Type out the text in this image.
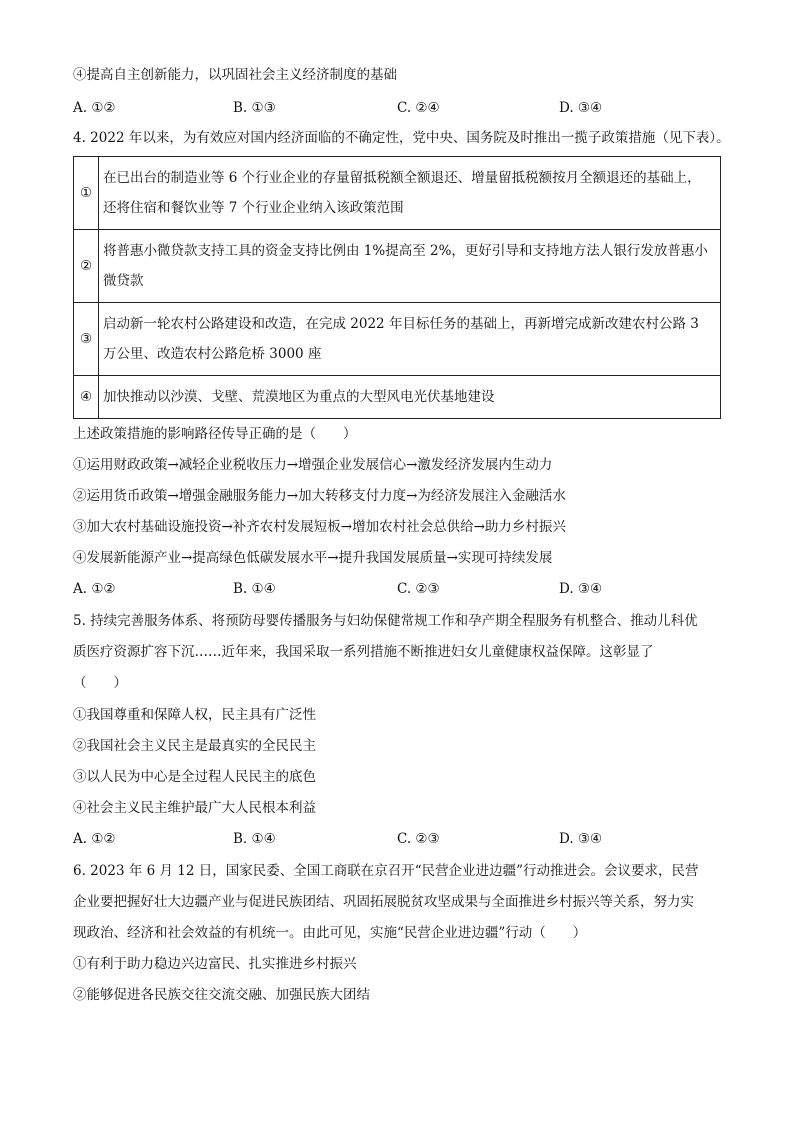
④提高自主创新能力，以巩固社会主义经济制度的基础
A. ①②	B. ①③	C. ②④	D. ③④
4. 2022 年以来，为有效应对国内经济面临的不确定性，党中央、国务院及时推出一揽子政策措施（见下表）。
①	在已出台的制造业等 6 个行业企业的存量留抵税额全额退还、增量留抵税额按月全额退还的基础上，还将住宿和餐饮业等 7 个行业企业纳入该政策范围
②	将普惠小微贷款支持工具的资金支持比例由 1%提高至 2%，更好引导和支持地方法人银行发放普惠小微贷款
③	启动新一轮农村公路建设和改造，在完成 2022 年目标任务的基础上，再新增完成新改建农村公路 3 万公里、改造农村公路危桥 3000 座
④	加快推动以沙漠、戈壁、荒漠地区为重点的大型风电光伏基地建设
上述政策措施的影响路径传导正确的是（　　）
①运用财政政策→减轻企业税收压力→增强企业发展信心→激发经济发展内生动力
②运用货币政策→增强金融服务能力→加大转移支付力度→为经济发展注入金融活水
③加大农村基础设施投资→补齐农村发展短板→增加农村社会总供给→助力乡村振兴
④发展新能源产业→提高绿色低碳发展水平→提升我国发展质量→实现可持续发展
A. ①②	B. ①④	C. ②③	D. ③④
5. 持续完善服务体系、将预防母婴传播服务与妇幼保健常规工作和孕产期全程服务有机整合、推动儿科优
质医疗资源扩容下沉……近年来，我国采取一系列措施不断推进妇女儿童健康权益保障。这彰显了
（　　）
①我国尊重和保障人权，民主具有广泛性
②我国社会主义民主是最真实的全民民主
③以人民为中心是全过程人民民主的底色
④社会主义民主维护最广大人民根本利益
A. ①②	B. ①④	C. ②③	D. ③④
6. 2023 年 6 月 12 日，国家民委、全国工商联在京召开“民营企业进边疆”行动推进会。会议要求，民营
企业要把握好壮大边疆产业与促进民族团结、巩固拓展脱贫攻坚成果与全面推进乡村振兴等关系，努力实
现政治、经济和社会效益的有机统一。由此可见，实施“民营企业进边疆”行动（　　）
①有利于助力稳边兴边富民、扎实推进乡村振兴
②能够促进各民族交往交流交融、加强民族大团结
